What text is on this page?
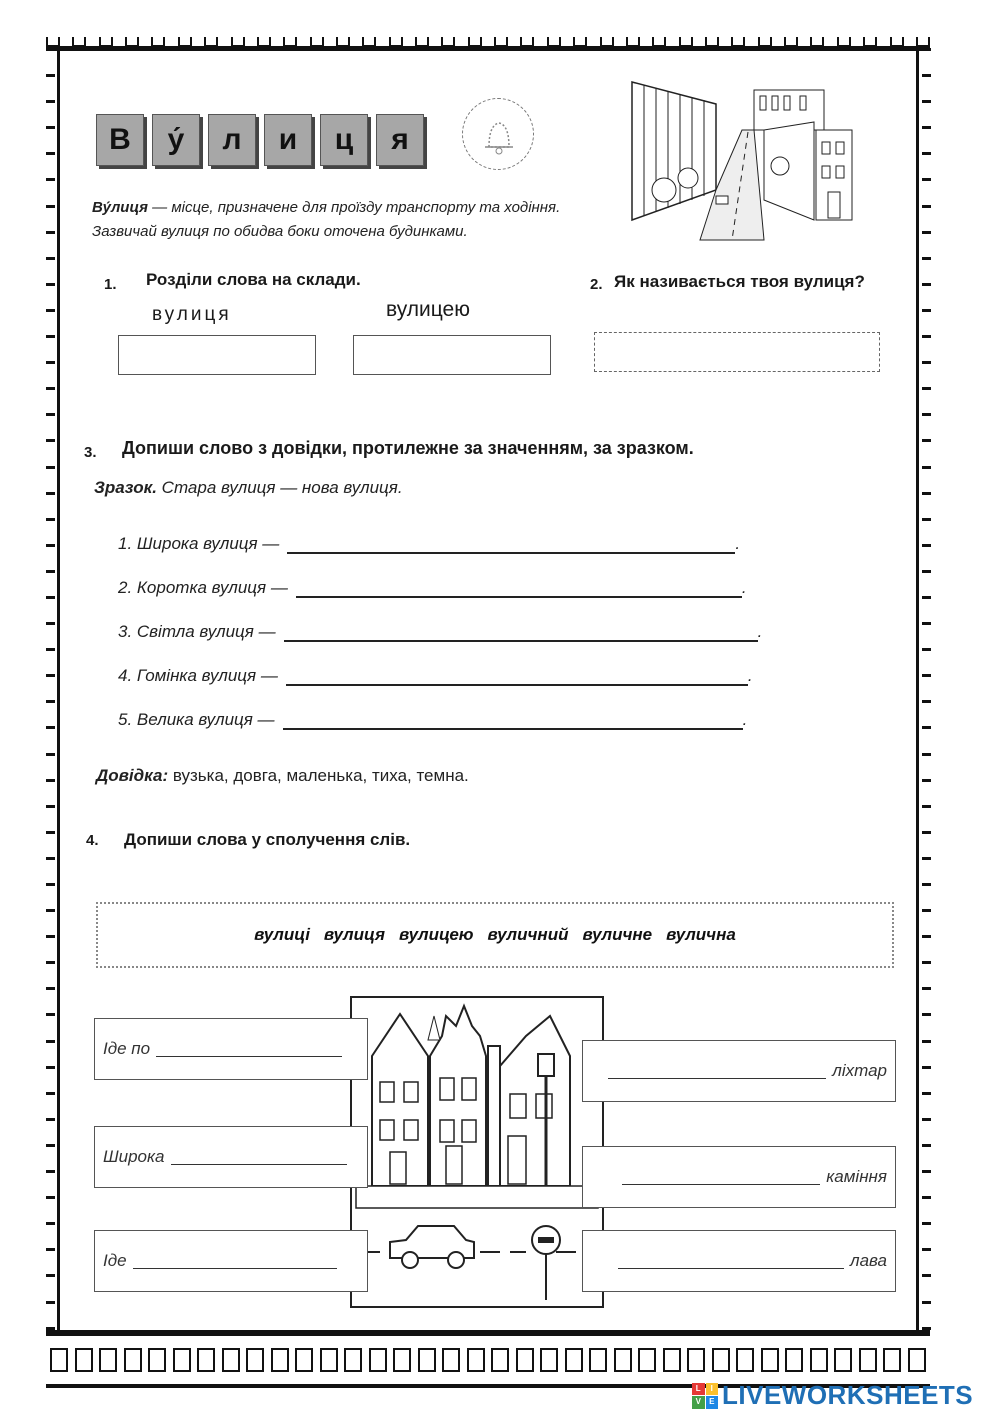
В	у́	л	и	ц	я
Ву́лиця — місце, призначене для проїзду транспорту та ходіння. Зазвичай вулиця по обидва боки оточена будинками.
1. Розділи слова на склади.
вулиця	вулицею
2. Як називається твоя вулиця?
3. Допиши слово з довідки, протилежне за значенням, за зразком.
Зразок. Стара вулиця — нова вулиця.
1. Широка вулиця —	.
2. Коротка вулиця —	.
3. Світла вулиця —	.
4. Гомінка вулиця —	.
5. Велика вулиця —	.
Довідка: вузька, довга, маленька, тиха, темна.
4. Допиши слова у сполучення слів.
вулиці вулиця вулицею вуличний вуличне вулична
Іде по
Широка
Іде
ліхтар
каміння
лава
L	I
V	E LIVEWORKSHEETS
